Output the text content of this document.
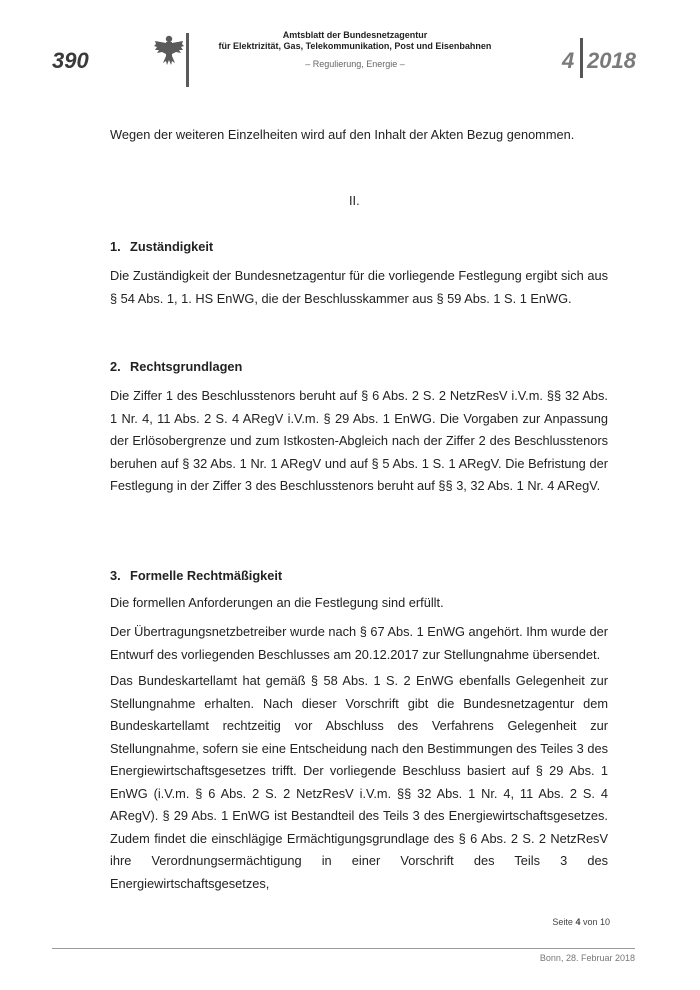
390
Amtsblatt der Bundesnetzagentur
für Elektrizität, Gas, Telekommunikation, Post und Eisenbahnen
– Regulierung, Energie –	4 2018
Wegen der weiteren Einzelheiten wird auf den Inhalt der Akten Bezug genommen.
II.
1. Zuständigkeit
Die Zuständigkeit der Bundesnetzagentur für die vorliegende Festlegung ergibt sich aus § 54 Abs. 1, 1. HS EnWG, die der Beschlusskammer aus § 59 Abs. 1 S. 1 EnWG.
2. Rechtsgrundlagen
Die Ziffer 1 des Beschlusstenors beruht auf § 6 Abs. 2 S. 2 NetzResV i.V.m. §§ 32 Abs. 1 Nr. 4, 11 Abs. 2 S. 4 ARegV i.V.m. § 29 Abs. 1 EnWG. Die Vorgaben zur Anpassung der Erlösobergrenze und zum Istkosten-Abgleich nach der Ziffer 2 des Beschlusstenors beruhen auf § 32 Abs. 1 Nr. 1 ARegV und auf § 5 Abs. 1 S. 1 ARegV. Die Befristung der Festlegung in der Ziffer 3 des Beschlusstenors beruht auf §§ 3, 32 Abs. 1 Nr. 4 ARegV.
3. Formelle Rechtmäßigkeit
Die formellen Anforderungen an die Festlegung sind erfüllt.
Der Übertragungsnetzbetreiber wurde nach § 67 Abs. 1 EnWG angehört. Ihm wurde der Entwurf des vorliegenden Beschlusses am 20.12.2017 zur Stellungnahme übersendet.
Das Bundeskartellamt hat gemäß § 58 Abs. 1 S. 2 EnWG ebenfalls Gelegenheit zur Stellungnahme erhalten. Nach dieser Vorschrift gibt die Bundesnetzagentur dem Bundeskartellamt rechtzeitig vor Abschluss des Verfahrens Gelegenheit zur Stellungnahme, sofern sie eine Entscheidung nach den Bestimmungen des Teiles 3 des Energiewirtschaftsgesetzes trifft. Der vorliegende Beschluss basiert auf § 29 Abs. 1 EnWG (i.V.m. § 6 Abs. 2 S. 2 NetzResV i.V.m. §§ 32 Abs. 1 Nr. 4, 11 Abs. 2 S. 4 ARegV). § 29 Abs. 1 EnWG ist Bestandteil des Teils 3 des Energiewirtschaftsgesetzes. Zudem findet die einschlägige Ermächtigungsgrundlage des § 6 Abs. 2 S. 2 NetzResV ihre Verordnungsermächtigung in einer Vorschrift des Teils 3 des Energiewirtschaftsgesetzes,
Seite 4 von 10
Bonn, 28. Februar 2018
